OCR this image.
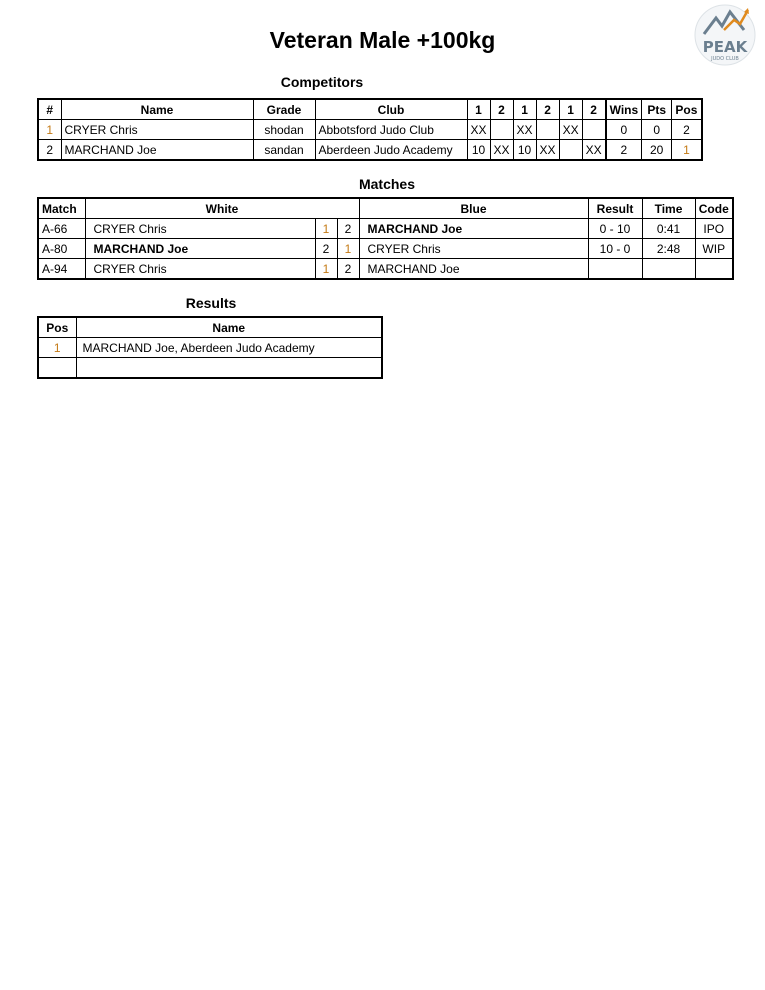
PEAK
JUDO CLUB
Veteran Male +100kg
Competitors
#	Name	Grade	Club	1	2	1	2	1	2	Wins	Pts	Pos
1	CRYER Chris	shodan	Abbotsford Judo Club	XX		XX		XX		0	0	2
2	MARCHAND Joe	sandan	Aberdeen Judo Academy	10	XX	10	XX		XX	2	20	1
Matches
Match	White			Blue	Result	Time	Code
A-66	CRYER Chris	1	2	MARCHAND Joe	0 - 10	0:41	IPO
A-80	MARCHAND Joe	2	1	CRYER Chris	10 - 0	2:48	WIP
A-94	CRYER Chris	1	2	MARCHAND Joe			
Results
Pos	Name
1	MARCHAND Joe, Aberdeen Judo Academy
